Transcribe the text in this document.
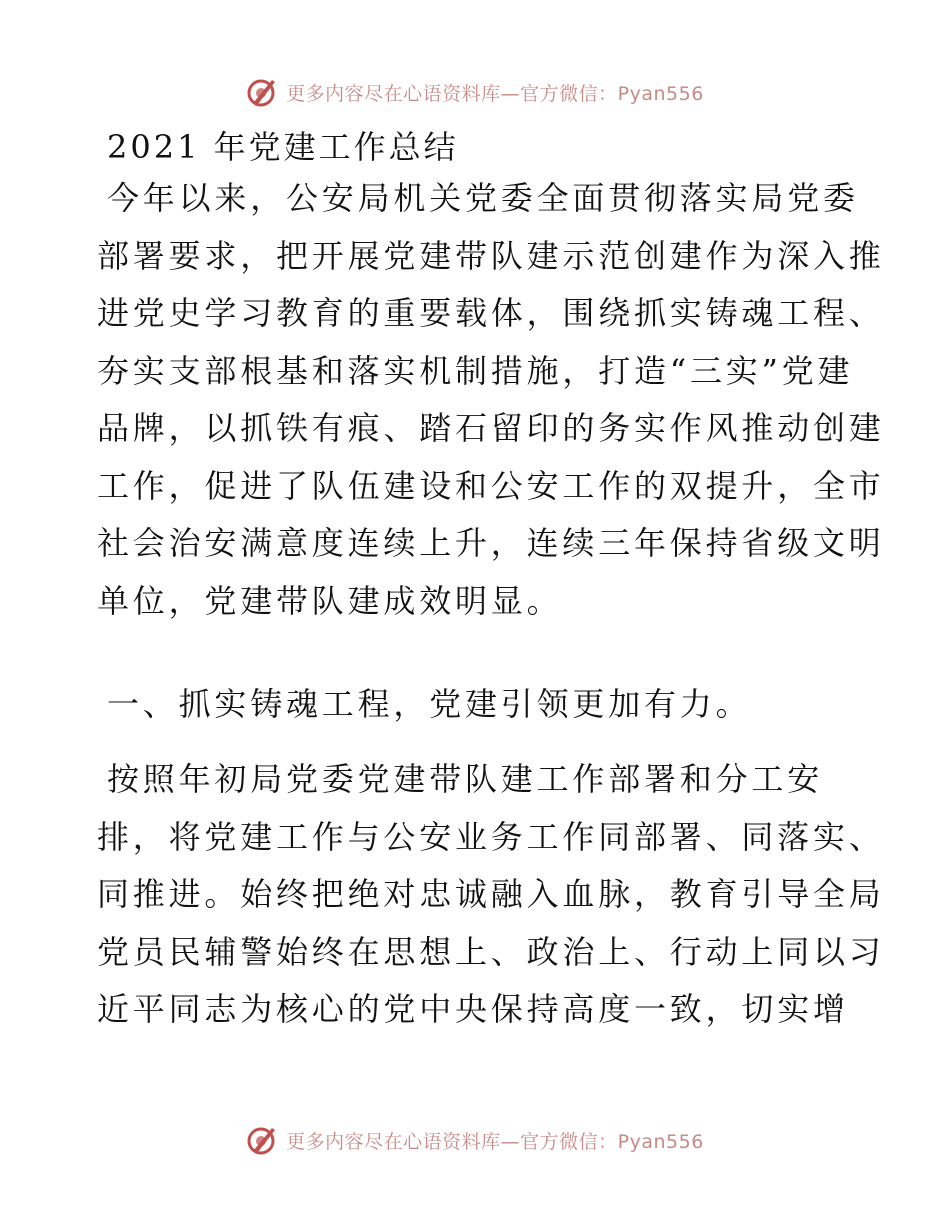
更多内容尽在心语资料库—官方微信：Pyan556
2021 年党建工作总结
今年以来，公安局机关党委全面贯彻落实局党委
部署要求，把开展党建带队建示范创建作为深入推
进党史学习教育的重要载体，围绕抓实铸魂工程、
夯实支部根基和落实机制措施，打造“三实”党建
品牌，以抓铁有痕、踏石留印的务实作风推动创建
工作，促进了队伍建设和公安工作的双提升，全市
社会治安满意度连续上升，连续三年保持省级文明
单位，党建带队建成效明显。
一、抓实铸魂工程，党建引领更加有力。
按照年初局党委党建带队建工作部署和分工安
排，将党建工作与公安业务工作同部署、同落实、
同推进。始终把绝对忠诚融入血脉，教育引导全局
党员民辅警始终在思想上、政治上、行动上同以习
近平同志为核心的党中央保持高度一致，切实增
更多内容尽在心语资料库—官方微信：Pyan556
